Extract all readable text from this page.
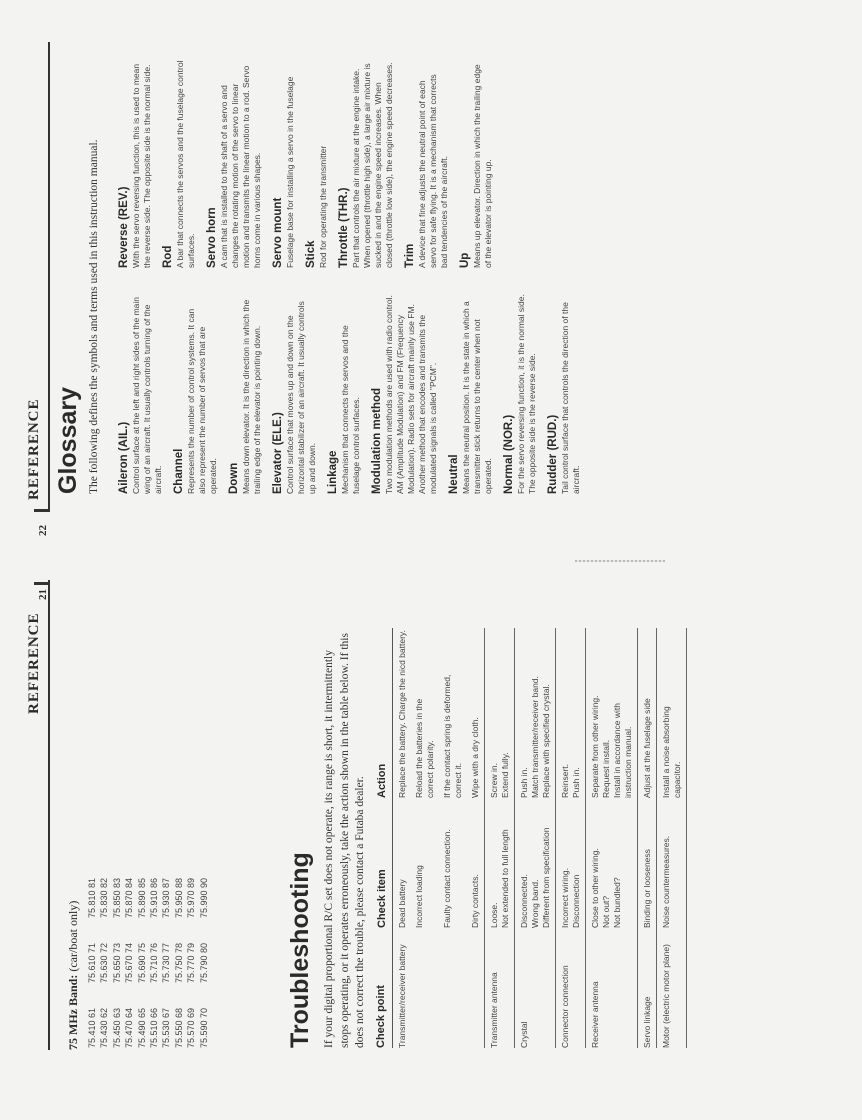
REFERENCE
21
75 MHz Band: (car/boat only)
75.410 61 75.430 62 75.450 63 75.470 64 75.490 65 75.510 66 75.530 67 75.550 68 75.570 69 75.590 70
75.610 71 75.630 72 75.650 73 75.670 74 75.690 75 75.710 76 75.730 77 75.750 78 75.770 79 75.790 80
75.810 81 75.830 82 75.850 83 75.870 84 75.890 85 75.910 86 75.930 87 75.950 88 75.970 89 75.990 90	Troubleshooting If your digital proportional R/C set does not operate, its range is short, it intermittently stops operating, or it operates erroneously, take the action shown in the table below. If this does not correct the trouble, please contact a Futaba dealer. Check point
Check item
Action
Transmitter/receiver battery
Dead battery
Replace the battery. Charge the nicd battery.
Incorrect loading
Reload the batteries in the
correct polarity.
Faulty contact connection.
If the contact spring is deformed,
correct it.
Dirty contacts.
Wipe with a dry cloth.
Transmitter antenna
Loose.
Not extended to full length
Screw in.
Extend fully.
Crystal
Disconnected.
Wrong band.
Different from specification
Push in.
Match transmitter/receiver band.
Replace with specified crystal.
Connector connection
Incorrect wiring.
Disconnection
Reinsert.
Push in.
Receiver antenna
Close to other wiring.
Not out?
Not bundled?
Separate from other wiring.
Request install.
Install in accordance with
instruction manual.
Servo linkage
Binding or looseness
Adjust at the fuselage side
Motor (electric motor plane)
Noise countermeasures.
Install a noise absorbing
capacitor.
22
REFERENCE Glossary The following defines the symbols and terms used in this instruction manual. Aileron (AIL.) Control surface at the left and right sides of the main wing of an aircraft. It usually controls turning of the aircraft. Channel Represents the number of control systems. It can also represent the number of servos that are operated. Down Means down elevator. It is the direction in which the trailing edge of the elevator is pointing down. Elevator (ELE.) Control surface that moves up and down on the horizontal stabilizer of an aircraft. It usually controls up and down. Linkage Mechanism that connects the servos and the fuselage control surfaces. Modulation method Two modulation methods are used with radio control. AM (Amplitude Modulation) and FM (Frequency Modulation). Radio sets for aircraft mainly use FM. Another method that encodes and transmits the modulated signals is called "PCM". Neutral Means the neutral position. It is the state in which a transmitter stick returns to the center when not operated. Normal (NOR.) For the servo reversing function, it is the normal side. The opposite side is the reverse side. Rudder (RUD.) Tail control surface that controls the direction of the aircraft.

Reverse (REV.) With the servo reversing function, this is used to mean the reverse side. The opposite side is the normal side. Rod A bar that connects the servos and the fuselage control surfaces. Servo horn A cam that is installed to the shaft of a servo and changes the rotating motion of the servo to linear motion and transmits the linear motion to a rod. Servo horns come in various shapes. Servo mount Fuselage base for installing a servo in the fuselage Stick Rod for operating the transmitter Throttle (THR.) Part that controls the air mixture at the engine intake. When opened (throttle high side), a large air mixture is sucked in and the engine speed increases. When closed (throttle low side), the engine speed decreases. Trim A device that fine adjusts the neutral point of each servo for safe flying. It is a mechanism that corrects bad tendencies of the aircraft. Up Means up elevator. Direction in which the trailing edge of the elevator is pointing up.
